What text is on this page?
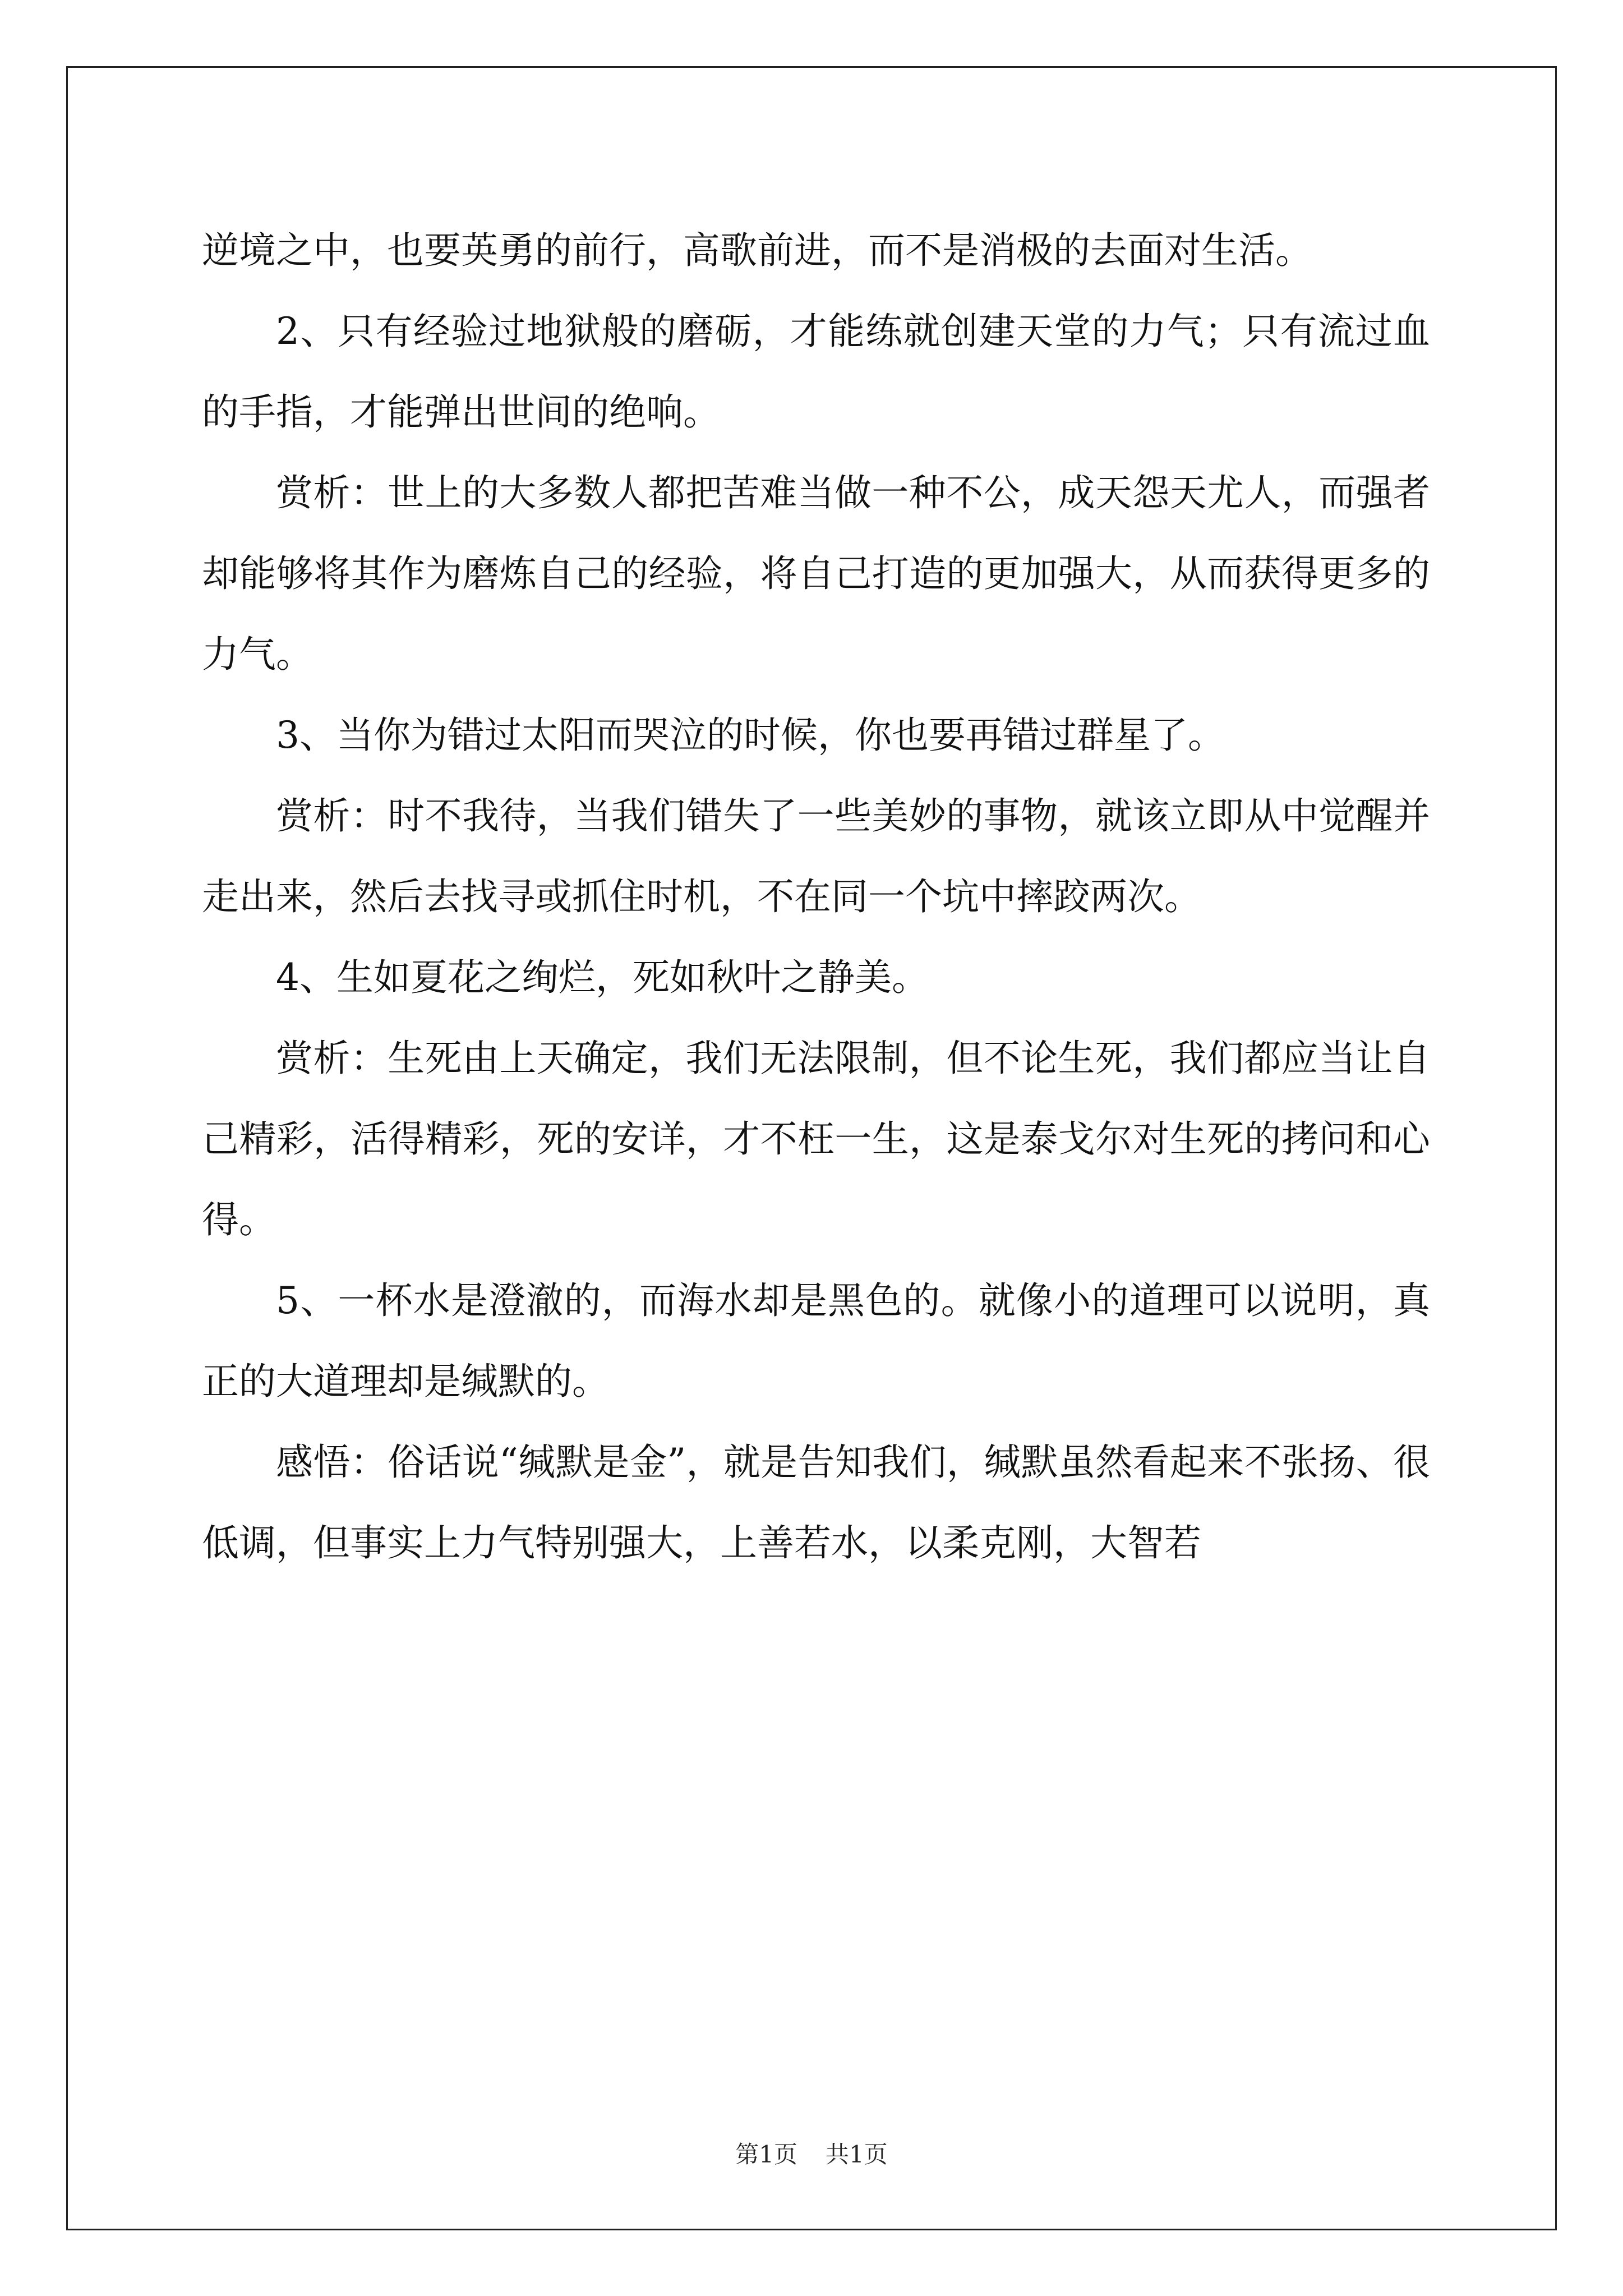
逆境之中，也要英勇的前行，高歌前进，而不是消极的去面对生活。

2、只有经验过地狱般的磨砺，才能练就创建天堂的力气；只有流过血的手指，才能弹出世间的绝响。

赏析：世上的大多数人都把苦难当做一种不公，成天怨天尤人，而强者却能够将其作为磨炼自己的经验，将自己打造的更加强大，从而获得更多的力气。

3、当你为错过太阳而哭泣的时候，你也要再错过群星了。

赏析：时不我待，当我们错失了一些美妙的事物，就该立即从中觉醒并走出来，然后去找寻或抓住时机，不在同一个坑中摔跤两次。

4、生如夏花之绚烂，死如秋叶之静美。

赏析：生死由上天确定，我们无法限制，但不论生死，我们都应当让自己精彩，活得精彩，死的安详，才不枉一生，这是泰戈尔对生死的拷问和心得。

5、一杯水是澄澈的，而海水却是黑色的。就像小的道理可以说明，真正的大道理却是缄默的。

感悟：俗话说“缄默是金”，就是告知我们，缄默虽然看起来不张扬、很低调，但事实上力气特别强大，上善若水，以柔克刚，大智若

第1页 共1页
